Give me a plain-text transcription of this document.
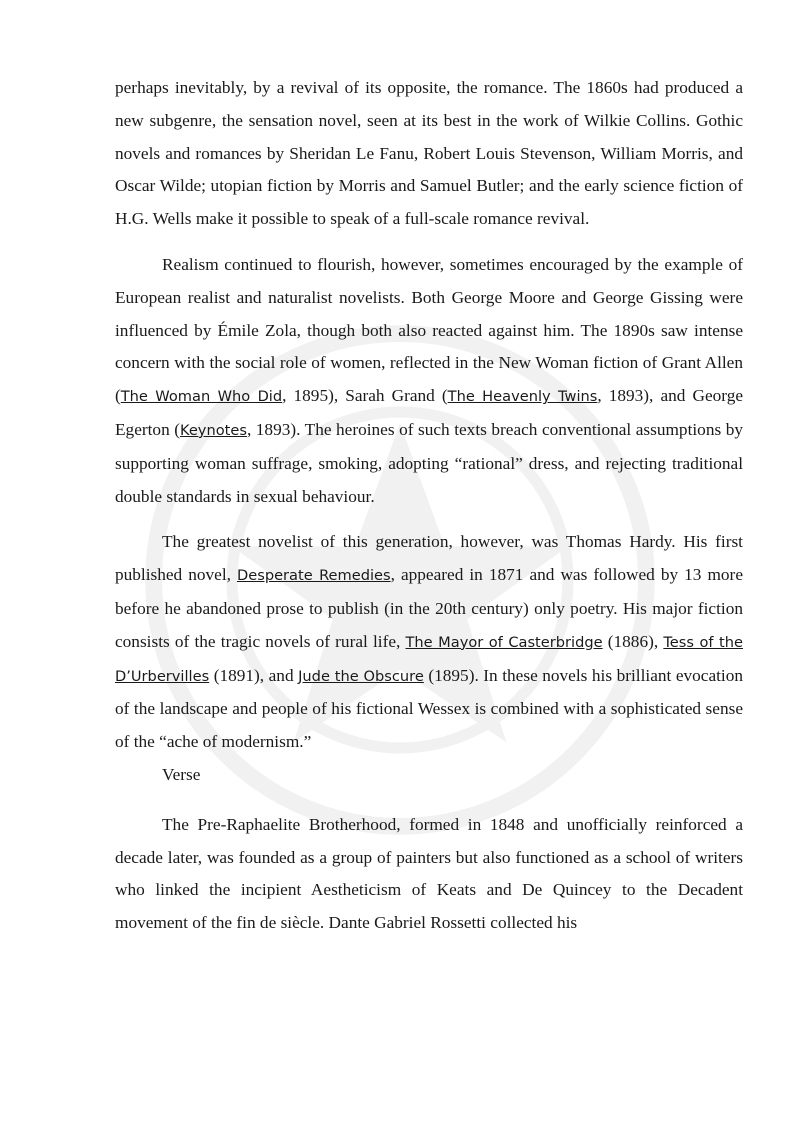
perhaps inevitably, by a revival of its opposite, the romance. The 1860s had produced a new subgenre, the sensation novel, seen at its best in the work of Wilkie Collins. Gothic novels and romances by Sheridan Le Fanu, Robert Louis Stevenson, William Morris, and Oscar Wilde; utopian fiction by Morris and Samuel Butler; and the early science fiction of H.G. Wells make it possible to speak of a full-scale romance revival.

Realism continued to flourish, however, sometimes encouraged by the example of European realist and naturalist novelists. Both George Moore and George Gissing were influenced by Émile Zola, though both also reacted against him. The 1890s saw intense concern with the social role of women, reflected in the New Woman fiction of Grant Allen (The Woman Who Did, 1895), Sarah Grand (The Heavenly Twins, 1893), and George Egerton (Keynotes, 1893). The heroines of such texts breach conventional assumptions by supporting woman suffrage, smoking, adopting “rational” dress, and rejecting traditional double standards in sexual behaviour.

The greatest novelist of this generation, however, was Thomas Hardy. His first published novel, Desperate Remedies, appeared in 1871 and was followed by 13 more before he abandoned prose to publish (in the 20th century) only poetry. His major fiction consists of the tragic novels of rural life, The Mayor of Casterbridge (1886), Tess of the D’Urbervilles (1891), and Jude the Obscure (1895). In these novels his brilliant evocation of the landscape and people of his fictional Wessex is combined with a sophisticated sense of the “ache of modernism.”

Verse

The Pre-Raphaelite Brotherhood, formed in 1848 and unofficially reinforced a decade later, was founded as a group of painters but also functioned as a school of writers who linked the incipient Aestheticism of Keats and De Quincey to the Decadent movement of the fin de siècle. Dante Gabriel Rossetti collected his
